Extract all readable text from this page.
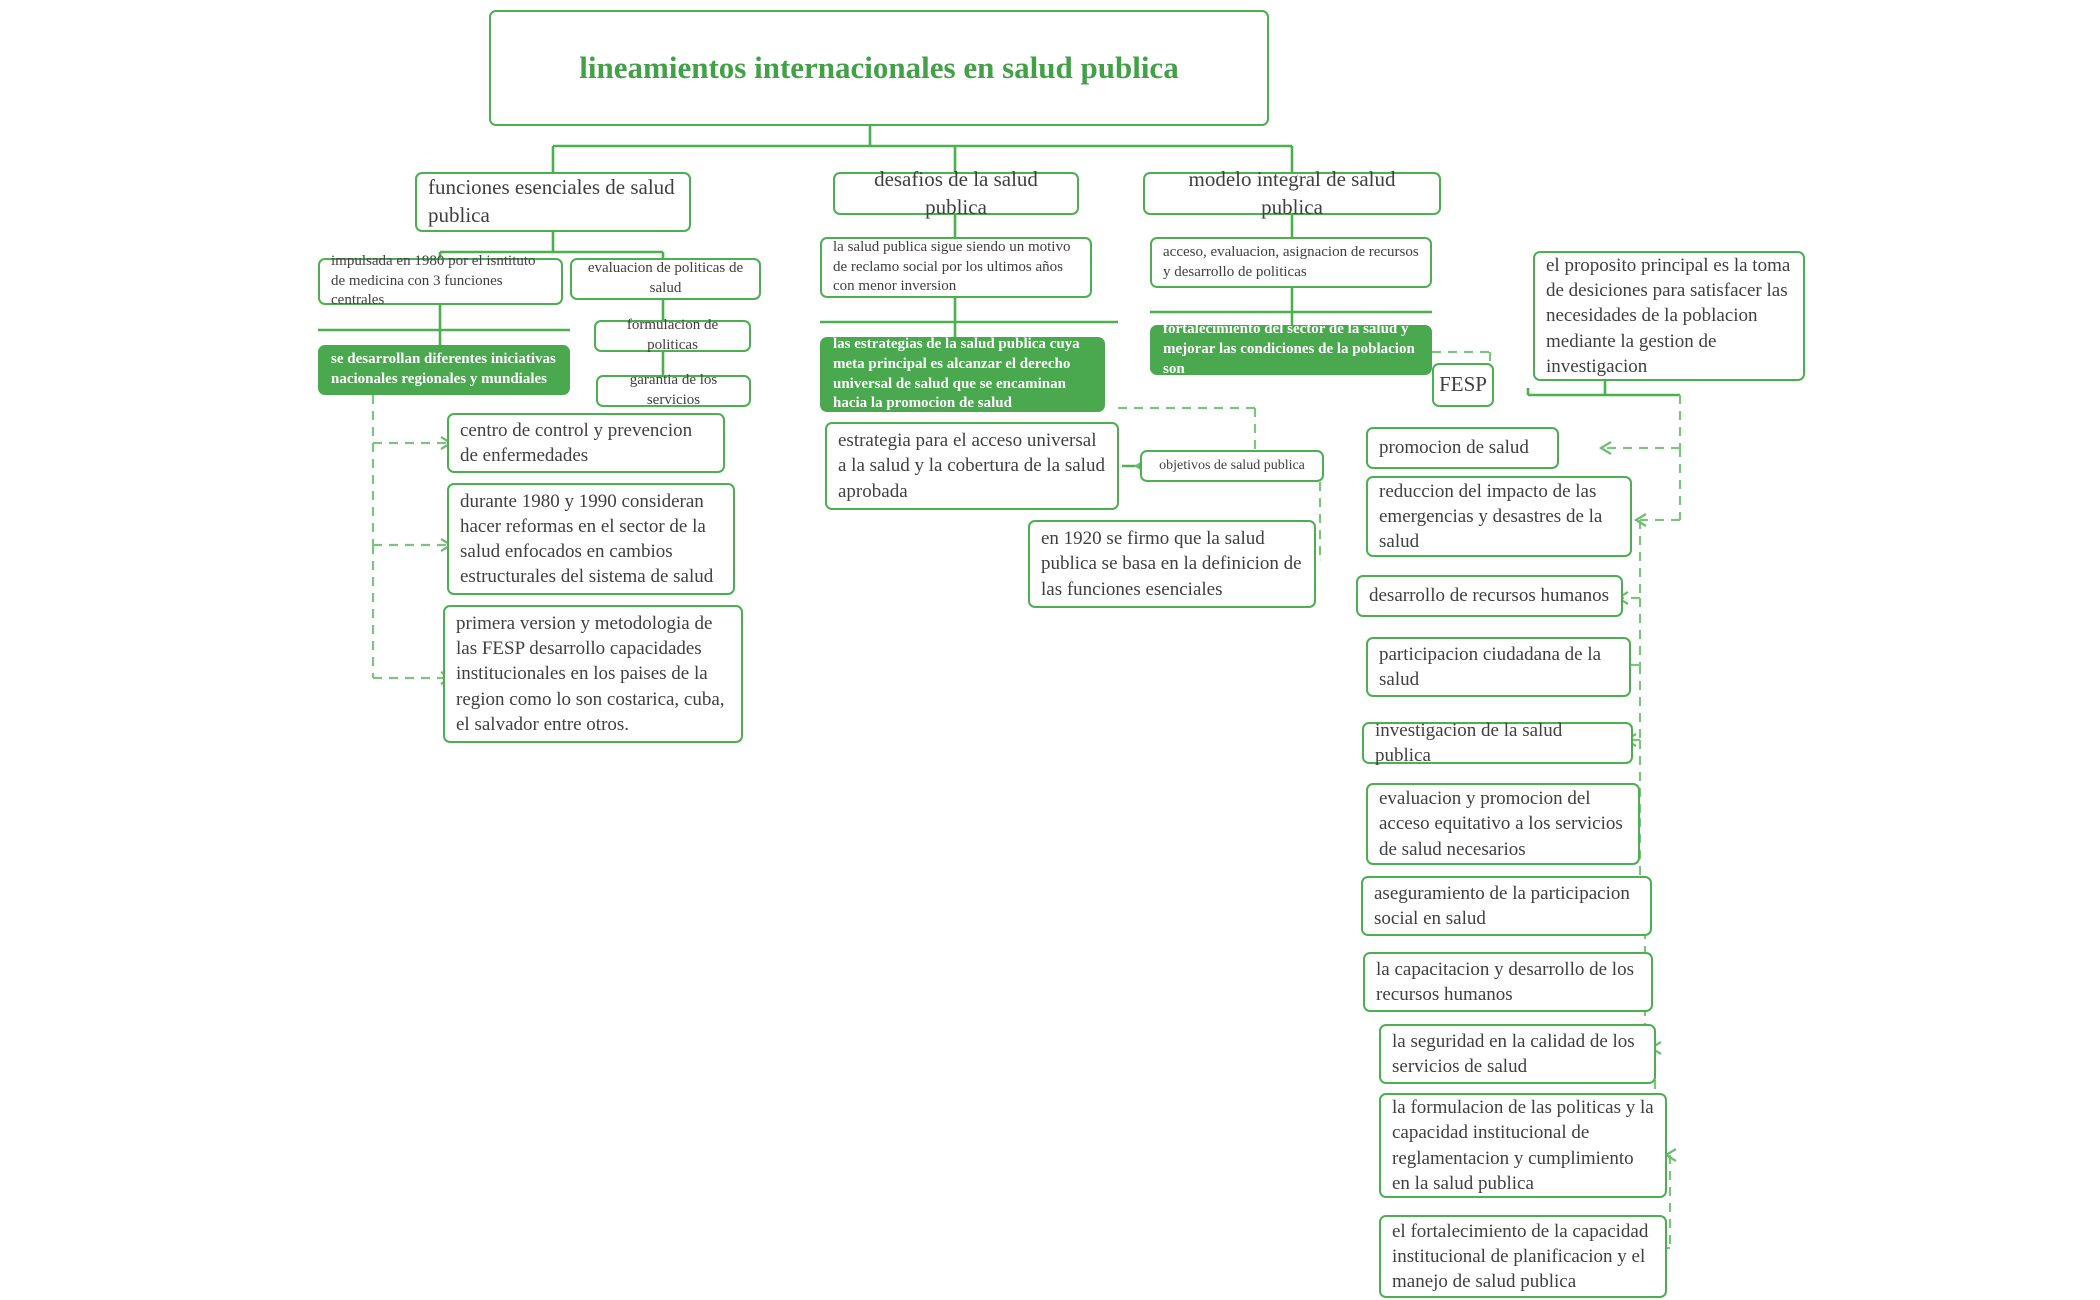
lineamientos internacionales en salud publica
funciones esenciales de salud publica
desafios de la salud publica
modelo integral de salud publica
impulsada en 1980 por el isntituto de medicina con 3 funciones centrales
evaluacion de politicas de salud
formulacion de politicas
garantia de los servicios
se desarrollan diferentes iniciativas nacionales regionales y mundiales
centro de control y prevencion de enfermedades
durante 1980 y 1990 consideran hacer reformas en el sector de la salud enfocados en cambios estructurales del sistema de salud
primera version y metodologia de las FESP desarrollo capacidades institucionales en los paises de la region como lo son costarica, cuba, el salvador entre otros.
la salud publica sigue siendo un motivo de reclamo social por los ultimos años con menor inversion
las estrategias de la salud publica cuya meta principal es alcanzar el derecho universal de salud que se encaminan hacia la promocion de salud
estrategia para el acceso universal a la salud y la cobertura de la salud aprobada
en 1920 se firmo que la salud publica se basa en la definicion de las funciones esenciales
acceso, evaluacion, asignacion de recursos y desarrollo de politicas
fortalecimiento del sector de la salud y mejorar las condiciones de la poblacion son
objetivos de salud publica
FESP
el proposito principal es la toma de desiciones para satisfacer las necesidades de la poblacion mediante la gestion de investigacion
promocion de salud
reduccion del impacto de las emergencias y desastres de la salud
desarrollo de recursos humanos
participacion ciudadana de la salud
investigacion de la salud publica
evaluacion y promocion del acceso equitativo a los servicios de salud necesarios
aseguramiento de la participacion social en salud
la capacitacion y desarrollo de los recursos humanos
la seguridad en la calidad de los servicios de salud
la formulacion de las politicas y la capacidad institucional de reglamentacion y cumplimiento en la salud publica
el fortalecimiento de la capacidad institucional de planificacion y el manejo de salud publica
